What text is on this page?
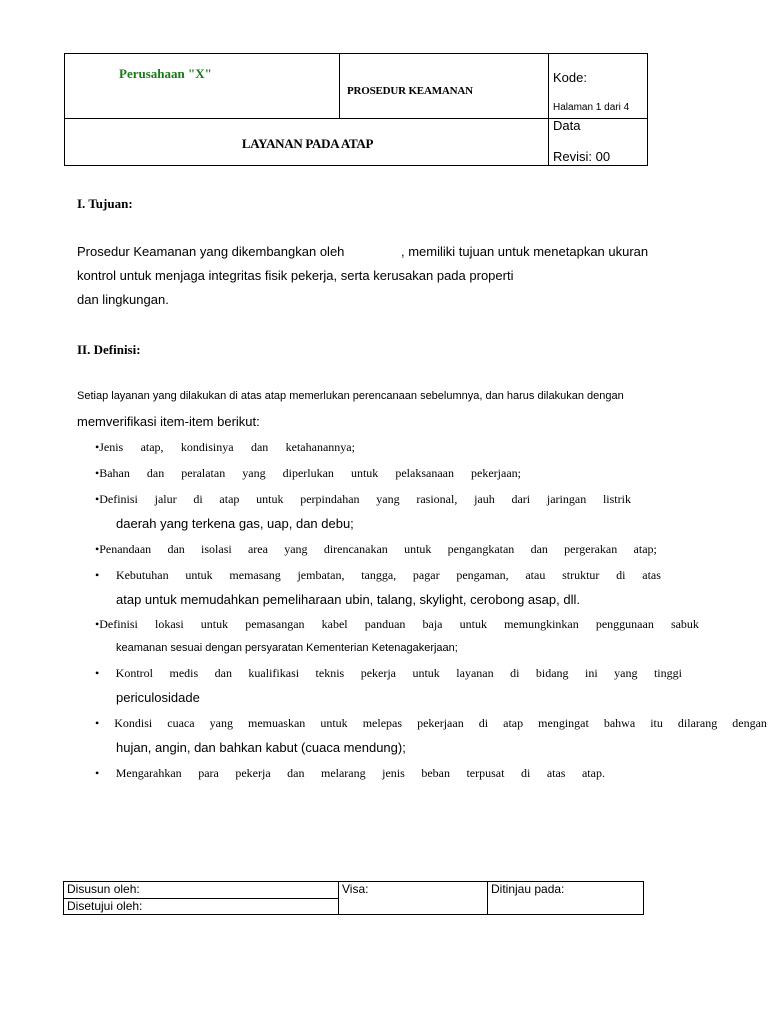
Perusahaan "X"
PROSEDUR KEAMANAN
Kode:
Halaman 1 dari 4
LAYANAN PADA ATAP
Data
Revisi: 00
I. Tujuan:
Prosedur Keamanan yang dikembangkan oleh	, memiliki tujuan untuk menetapkan ukuran
kontrol untuk menjaga integritas fisik pekerja, serta kerusakan pada properti
dan lingkungan.
II. Definisi:
Setiap layanan yang dilakukan di atas atap memerlukan perencanaan sebelumnya, dan harus dilakukan dengan
memverifikasi item-item berikut:
•Jenis atap, kondisinya dan ketahanannya;
•Bahan dan peralatan yang diperlukan untuk pelaksanaan pekerjaan;
•Definisi jalur di atap untuk perpindahan yang rasional, jauh dari jaringan listrik
daerah yang terkena gas, uap, dan debu;
•Penandaan dan isolasi area yang direncanakan untuk pengangkatan dan pergerakan atap;
• Kebutuhan untuk memasang jembatan, tangga, pagar pengaman, atau struktur di atas
atap untuk memudahkan pemeliharaan ubin, talang, skylight, cerobong asap, dll.
•Definisi lokasi untuk pemasangan kabel panduan baja untuk memungkinkan penggunaan sabuk
keamanan sesuai dengan persyaratan Kementerian Ketenagakerjaan;
• Kontrol medis dan kualifikasi teknis pekerja untuk layanan di bidang ini yang tinggi
periculosidade
• Kondisi cuaca yang memuaskan untuk melepas pekerjaan di atap mengingat bahwa itu dilarang dengan
hujan, angin, dan bahkan kabut (cuaca mendung);
• Mengarahkan para pekerja dan melarang jenis beban terpusat di atas atap.
Disusun oleh:
Disetujui oleh:
Visa:	Ditinjau pada:
